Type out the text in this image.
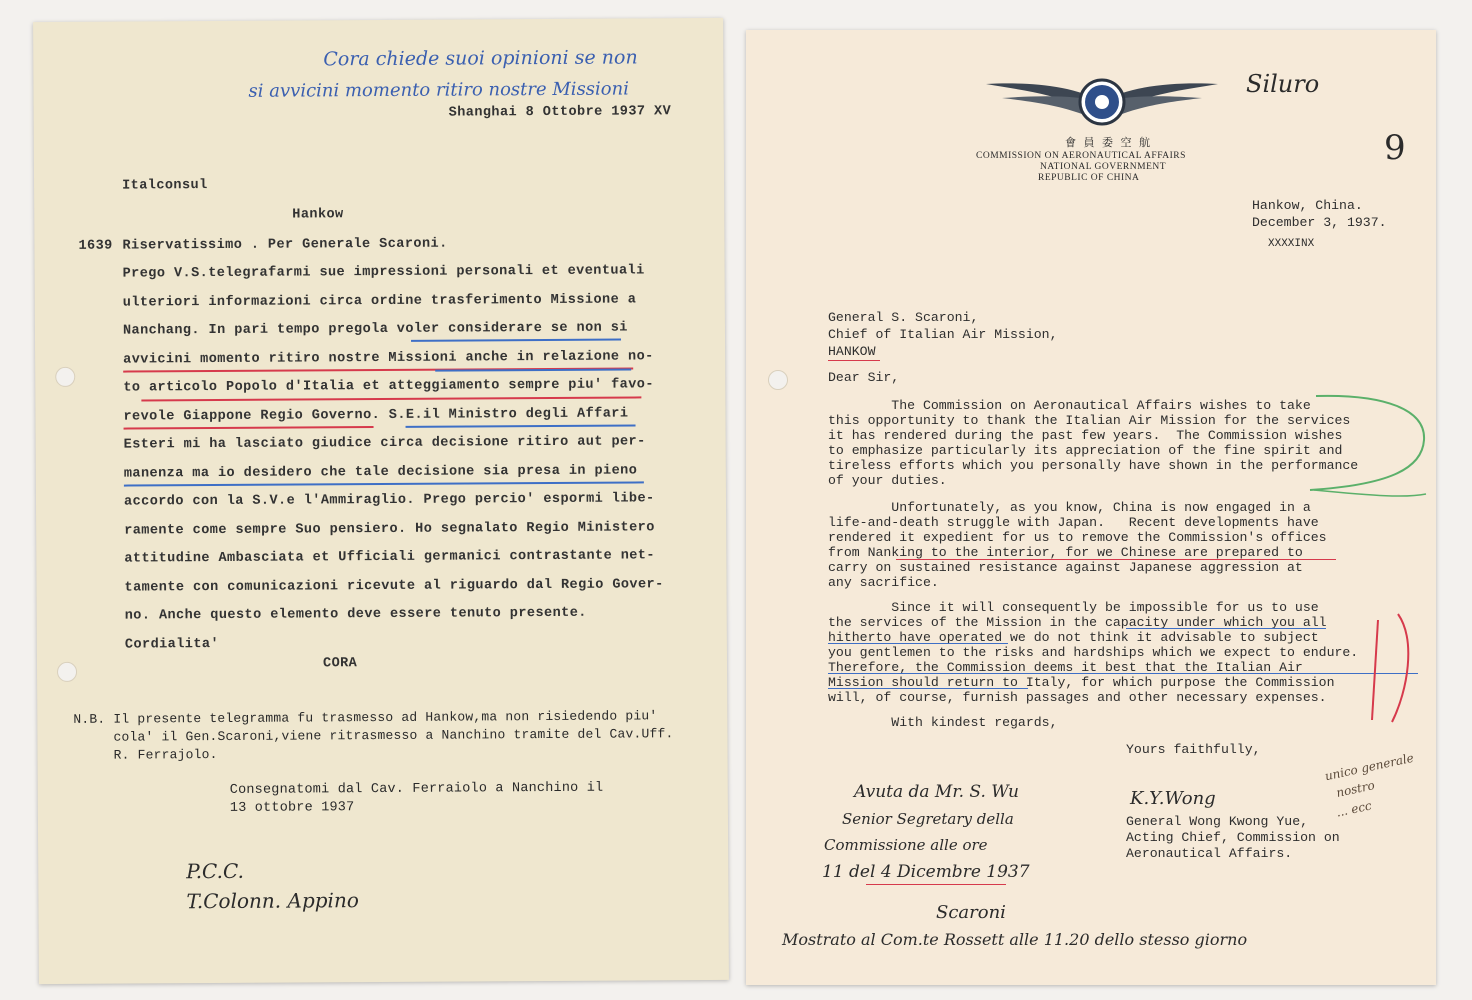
Cora chiede suoi opinioni se non
si avvicini momento ritiro nostre Missioni
Shanghai 8 Ottobre 1937 XV
Italconsul
Hankow
1639 Riservatissimo . Per Generale Scaroni.
Prego V.S.telegrafarmi sue impressioni personali et eventuali
ulteriori informazioni circa ordine trasferimento Missione a
Nanchang. In pari tempo pregola voler considerare se non si
avvicini momento ritiro nostre Missioni anche in relazione no-
to articolo Popolo d'Italia et atteggiamento sempre piu' favo-
revole Giappone Regio Governo. S.E.il Ministro degli Affari
Esteri mi ha lasciato giudice circa decisione ritiro aut per-
manenza ma io desidero che tale decisione sia presa in pieno
accordo con la S.V.e l'Ammiraglio. Prego percio' espormi libe-
ramente come sempre Suo pensiero. Ho segnalato Regio Ministero
attitudine Ambasciata et Ufficiali germanici contrastante net-
tamente con comunicazioni ricevute al riguardo dal Regio Gover-
no. Anche questo elemento deve essere tenuto presente.
Cordialita'
CORA
N.B. Il presente telegramma fu trasmesso ad Hankow,ma non risiedendo piu'
cola' il Gen.Scaroni,viene ritrasmesso a Nanchino tramite del Cav.Uff.
R. Ferrajolo.
Consegnatomi dal Cav. Ferraiolo a Nanchino il
13 ottobre 1937
P.C.C.
T.Colonn. Appino
會 員 委 空 航
COMMISSION ON AERONAUTICAL AFFAIRS
NATIONAL GOVERNMENT
REPUBLIC OF CHINA
Siluro
9
Hankow, China.
December 3, 1937.
XXXXINX
General S. Scaroni,
Chief of Italian Air Mission,
HANKOW
Dear Sir,
The Commission on Aeronautical Affairs wishes to take
this opportunity to thank the Italian Air Mission for the services
it has rendered during the past few years.  The Commission wishes
to emphasize particularly its appreciation of the fine spirit and
tireless efforts which you personally have shown in the performance
of your duties.
Unfortunately, as you know, China is now engaged in a
life-and-death struggle with Japan.   Recent developments have
rendered it expedient for us to remove the Commission's offices
from Nanking to the interior, for we Chinese are prepared to
carry on sustained resistance against Japanese aggression at
any sacrifice.
Since it will consequently be impossible for us to use
the services of the Mission in the capacity under which you all
hitherto have operated we do not think it advisable to subject
you gentlemen to the risks and hardships which we expect to endure.
Therefore, the Commission deems it best that the Italian Air
Mission should return to Italy, for which purpose the Commission
will, of course, furnish passages and other necessary expenses.
With kindest regards,
Yours faithfully,
K.Y.Wong
General Wong Kwong Yue,
Acting Chief, Commission on
Aeronautical Affairs.
Avuta da Mr. S. Wu
Senior Segretary della
Commissione alle ore
11 del 4 Dicembre 1937
Scaroni
unico generale
nostro
... ecc
Mostrato al Com.te Rossett alle 11.20 dello stesso giorno
